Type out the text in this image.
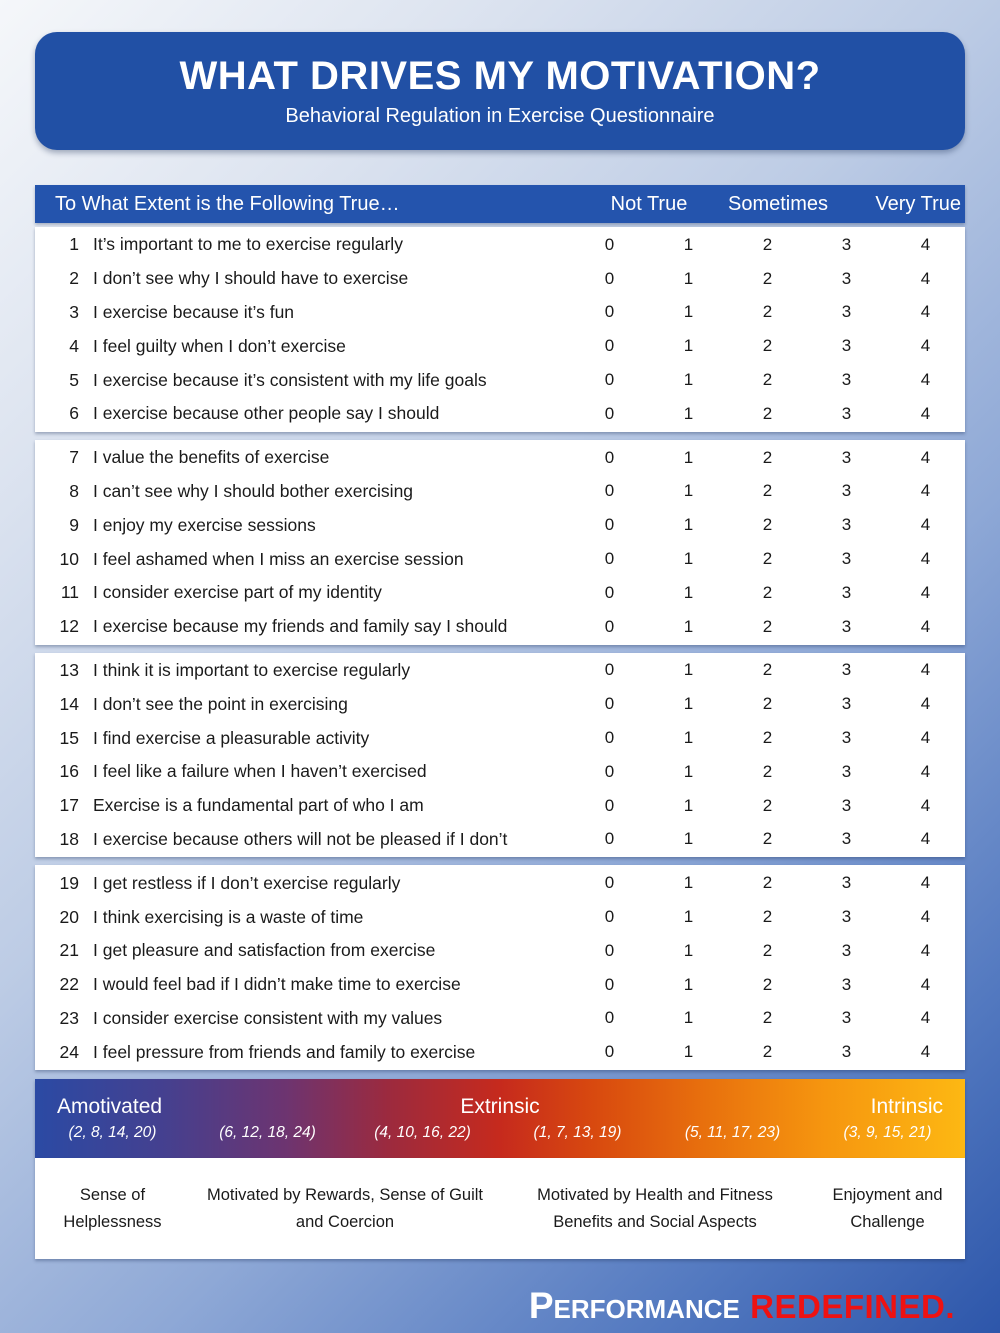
WHAT DRIVES MY MOTIVATION?
Behavioral Regulation in Exercise Questionnaire
To What Extent is the Following True…	Not True	Sometimes	Very True
1 It’s important to me to exercise regularly	0	1	2	3	4
2 I don’t see why I should have to exercise	0	1	2	3	4
3 I exercise because it’s fun	0	1	2	3	4
4 I feel guilty when I don’t exercise	0	1	2	3	4
5 I exercise because it’s consistent with my life goals	0	1	2	3	4
6 I exercise because other people say I should	0	1	2	3	4
7 I value the benefits of exercise	0	1	2	3	4
8 I can’t see why I should bother exercising	0	1	2	3	4
9 I enjoy my exercise sessions	0	1	2	3	4
10 I feel ashamed when I miss an exercise session	0	1	2	3	4
11 I consider exercise part of my identity	0	1	2	3	4
12 I exercise because my friends and family say I should	0	1	2	3	4
13 I think it is important to exercise regularly	0	1	2	3	4
14 I don’t see the point in exercising	0	1	2	3	4
15 I find exercise a pleasurable activity	0	1	2	3	4
16 I feel like a failure when I haven’t exercised	0	1	2	3	4
17 Exercise is a fundamental part of who I am	0	1	2	3	4
18 I exercise because others will not be pleased if I don’t	0	1	2	3	4
19 I get restless if I don’t exercise regularly	0	1	2	3	4
20 I think exercising is a waste of time	0	1	2	3	4
21 I get pleasure and satisfaction from exercise	0	1	2	3	4
22 I would feel bad if I didn’t make time to exercise	0	1	2	3	4
23 I consider exercise consistent with my values	0	1	2	3	4
24 I feel pressure from friends and family to exercise	0	1	2	3	4
Amotivated	Extrinsic	Intrinsic
(2, 8, 14, 20)	(6, 12, 18, 24)	(4, 10, 16, 22)	(1, 7, 13, 19)	(5, 11, 17, 23)	(3, 9, 15, 21)
Sense of Helplessness
Motivated by Rewards, Sense of Guilt and Coercion
Motivated by Health and Fitness Benefits and Social Aspects
Enjoyment and Challenge
Performance REDEFINED.
